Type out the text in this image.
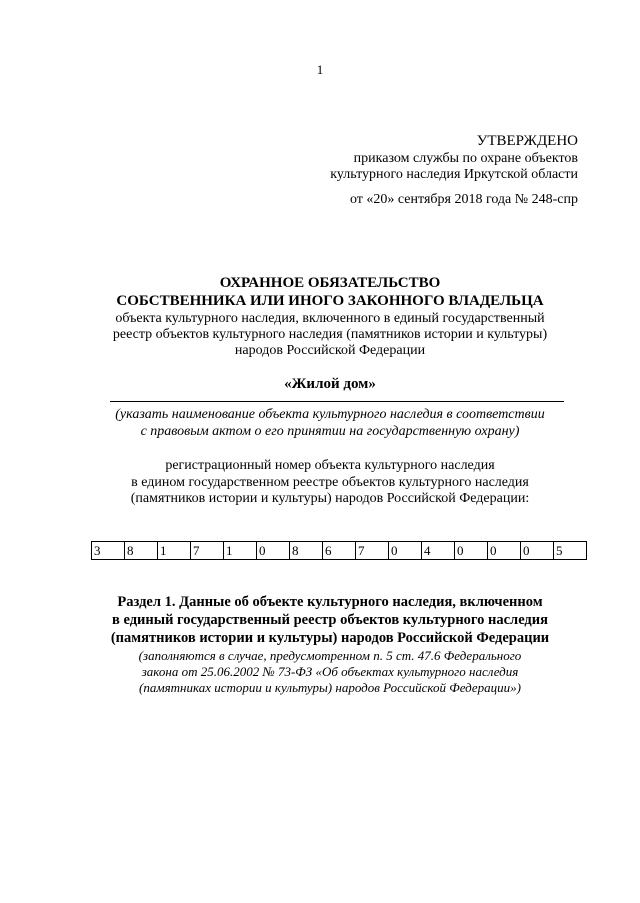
1
УТВЕРЖДЕНО
приказом службы по охране объектов
культурного наследия Иркутской области
от «20» сентября 2018 года № 248-спр
ОХРАННОЕ ОБЯЗАТЕЛЬСТВО
СОБСТВЕННИКА ИЛИ ИНОГО ЗАКОННОГО ВЛАДЕЛЬЦА
объекта культурного наследия, включенного в единый государственный
реестр объектов культурного наследия (памятников истории и культуры)
народов Российской Федерации
«Жилой дом»
(указать наименование объекта культурного наследия в соответствии
с правовым актом о его принятии на государственную охрану)
регистрационный номер объекта культурного наследия
в едином государственном реестре объектов культурного наследия
(памятников истории и культуры) народов Российской Федерации:
3	8	1	7	1	0	8	6	7	0	4	0	0	0	5
Раздел 1. Данные об объекте культурного наследия, включенном
в единый государственный реестр объектов культурного наследия
(памятников истории и культуры) народов Российской Федерации
(заполняются в случае, предусмотренном п. 5 ст. 47.6 Федерального
закона от 25.06.2002 № 73-ФЗ «Об объектах культурного наследия
(памятниках истории и культуры) народов Российской Федерации»)
